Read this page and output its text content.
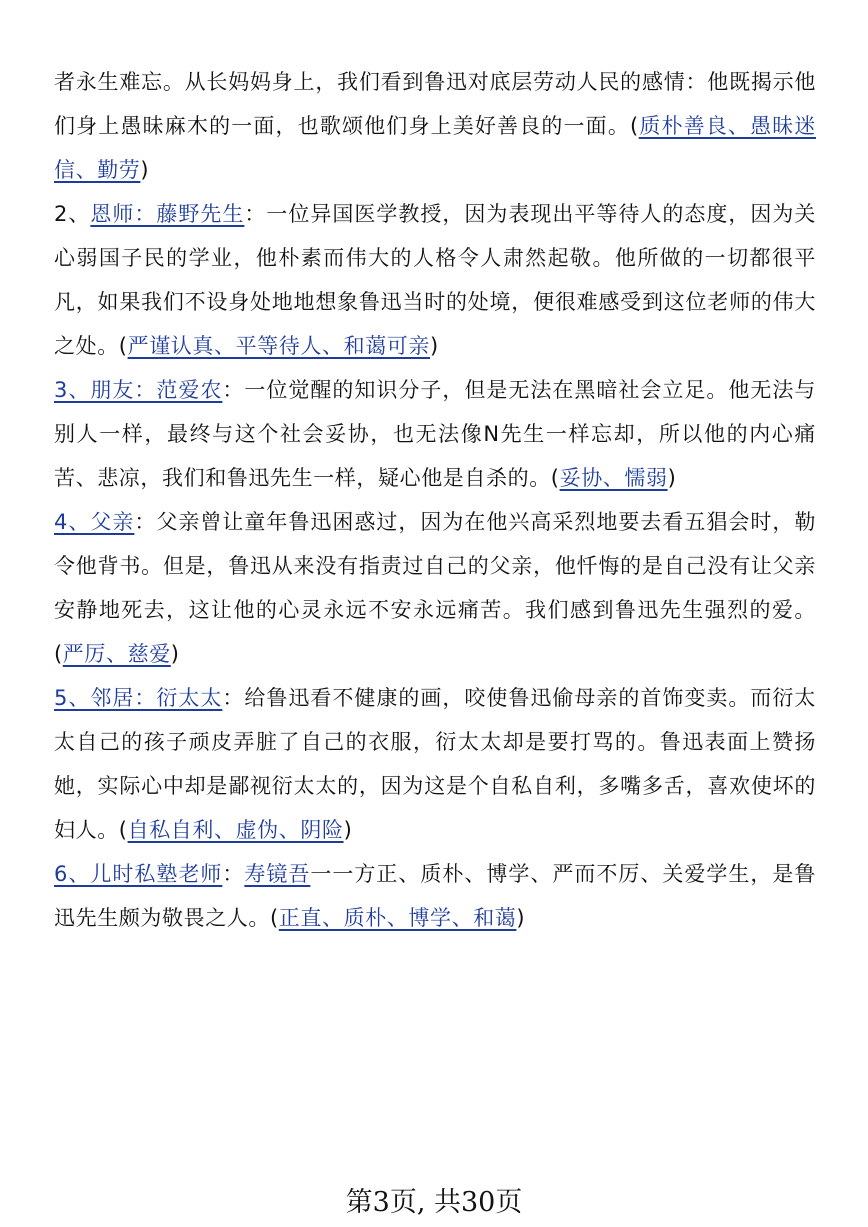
者永生难忘。从长妈妈身上，我们看到鲁迅对底层劳动人民的感情：他既揭示他们身上愚昧麻木的一面，也歌颂他们身上美好善良的一面。(质朴善良、愚昧迷信、勤劳)

2、恩师：藤野先生：一位异国医学教授，因为表现出平等待人的态度，因为关心弱国子民的学业，他朴素而伟大的人格令人肃然起敬。他所做的一切都很平凡，如果我们不设身处地地想象鲁迅当时的处境，便很难感受到这位老师的伟大之处。(严谨认真、平等待人、和蔼可亲)

3、朋友：范爱农：一位觉醒的知识分子，但是无法在黑暗社会立足。他无法与别人一样，最终与这个社会妥协，也无法像N先生一样忘却，所以他的内心痛苦、悲凉，我们和鲁迅先生一样，疑心他是自杀的。(妥协、懦弱)

4、父亲：父亲曾让童年鲁迅困惑过，因为在他兴高采烈地要去看五猖会时，勒令他背书。但是，鲁迅从来没有指责过自己的父亲，他忏悔的是自己没有让父亲安静地死去，这让他的心灵永远不安永远痛苦。我们感到鲁迅先生强烈的爱。(严厉、慈爱)

5、邻居：衍太太：给鲁迅看不健康的画，咬使鲁迅偷母亲的首饰变卖。而衍太太自己的孩子顽皮弄脏了自己的衣服，衍太太却是要打骂的。鲁迅表面上赞扬她，实际心中却是鄙视衍太太的，因为这是个自私自利，多嘴多舌，喜欢使坏的妇人。(自私自利、虚伪、阴险)

6、儿时私塾老师：寿镜吾一一方正、质朴、博学、严而不厉、关爱学生，是鲁迅先生颇为敬畏之人。(正直、质朴、博学、和蔼)

第3页, 共30页
